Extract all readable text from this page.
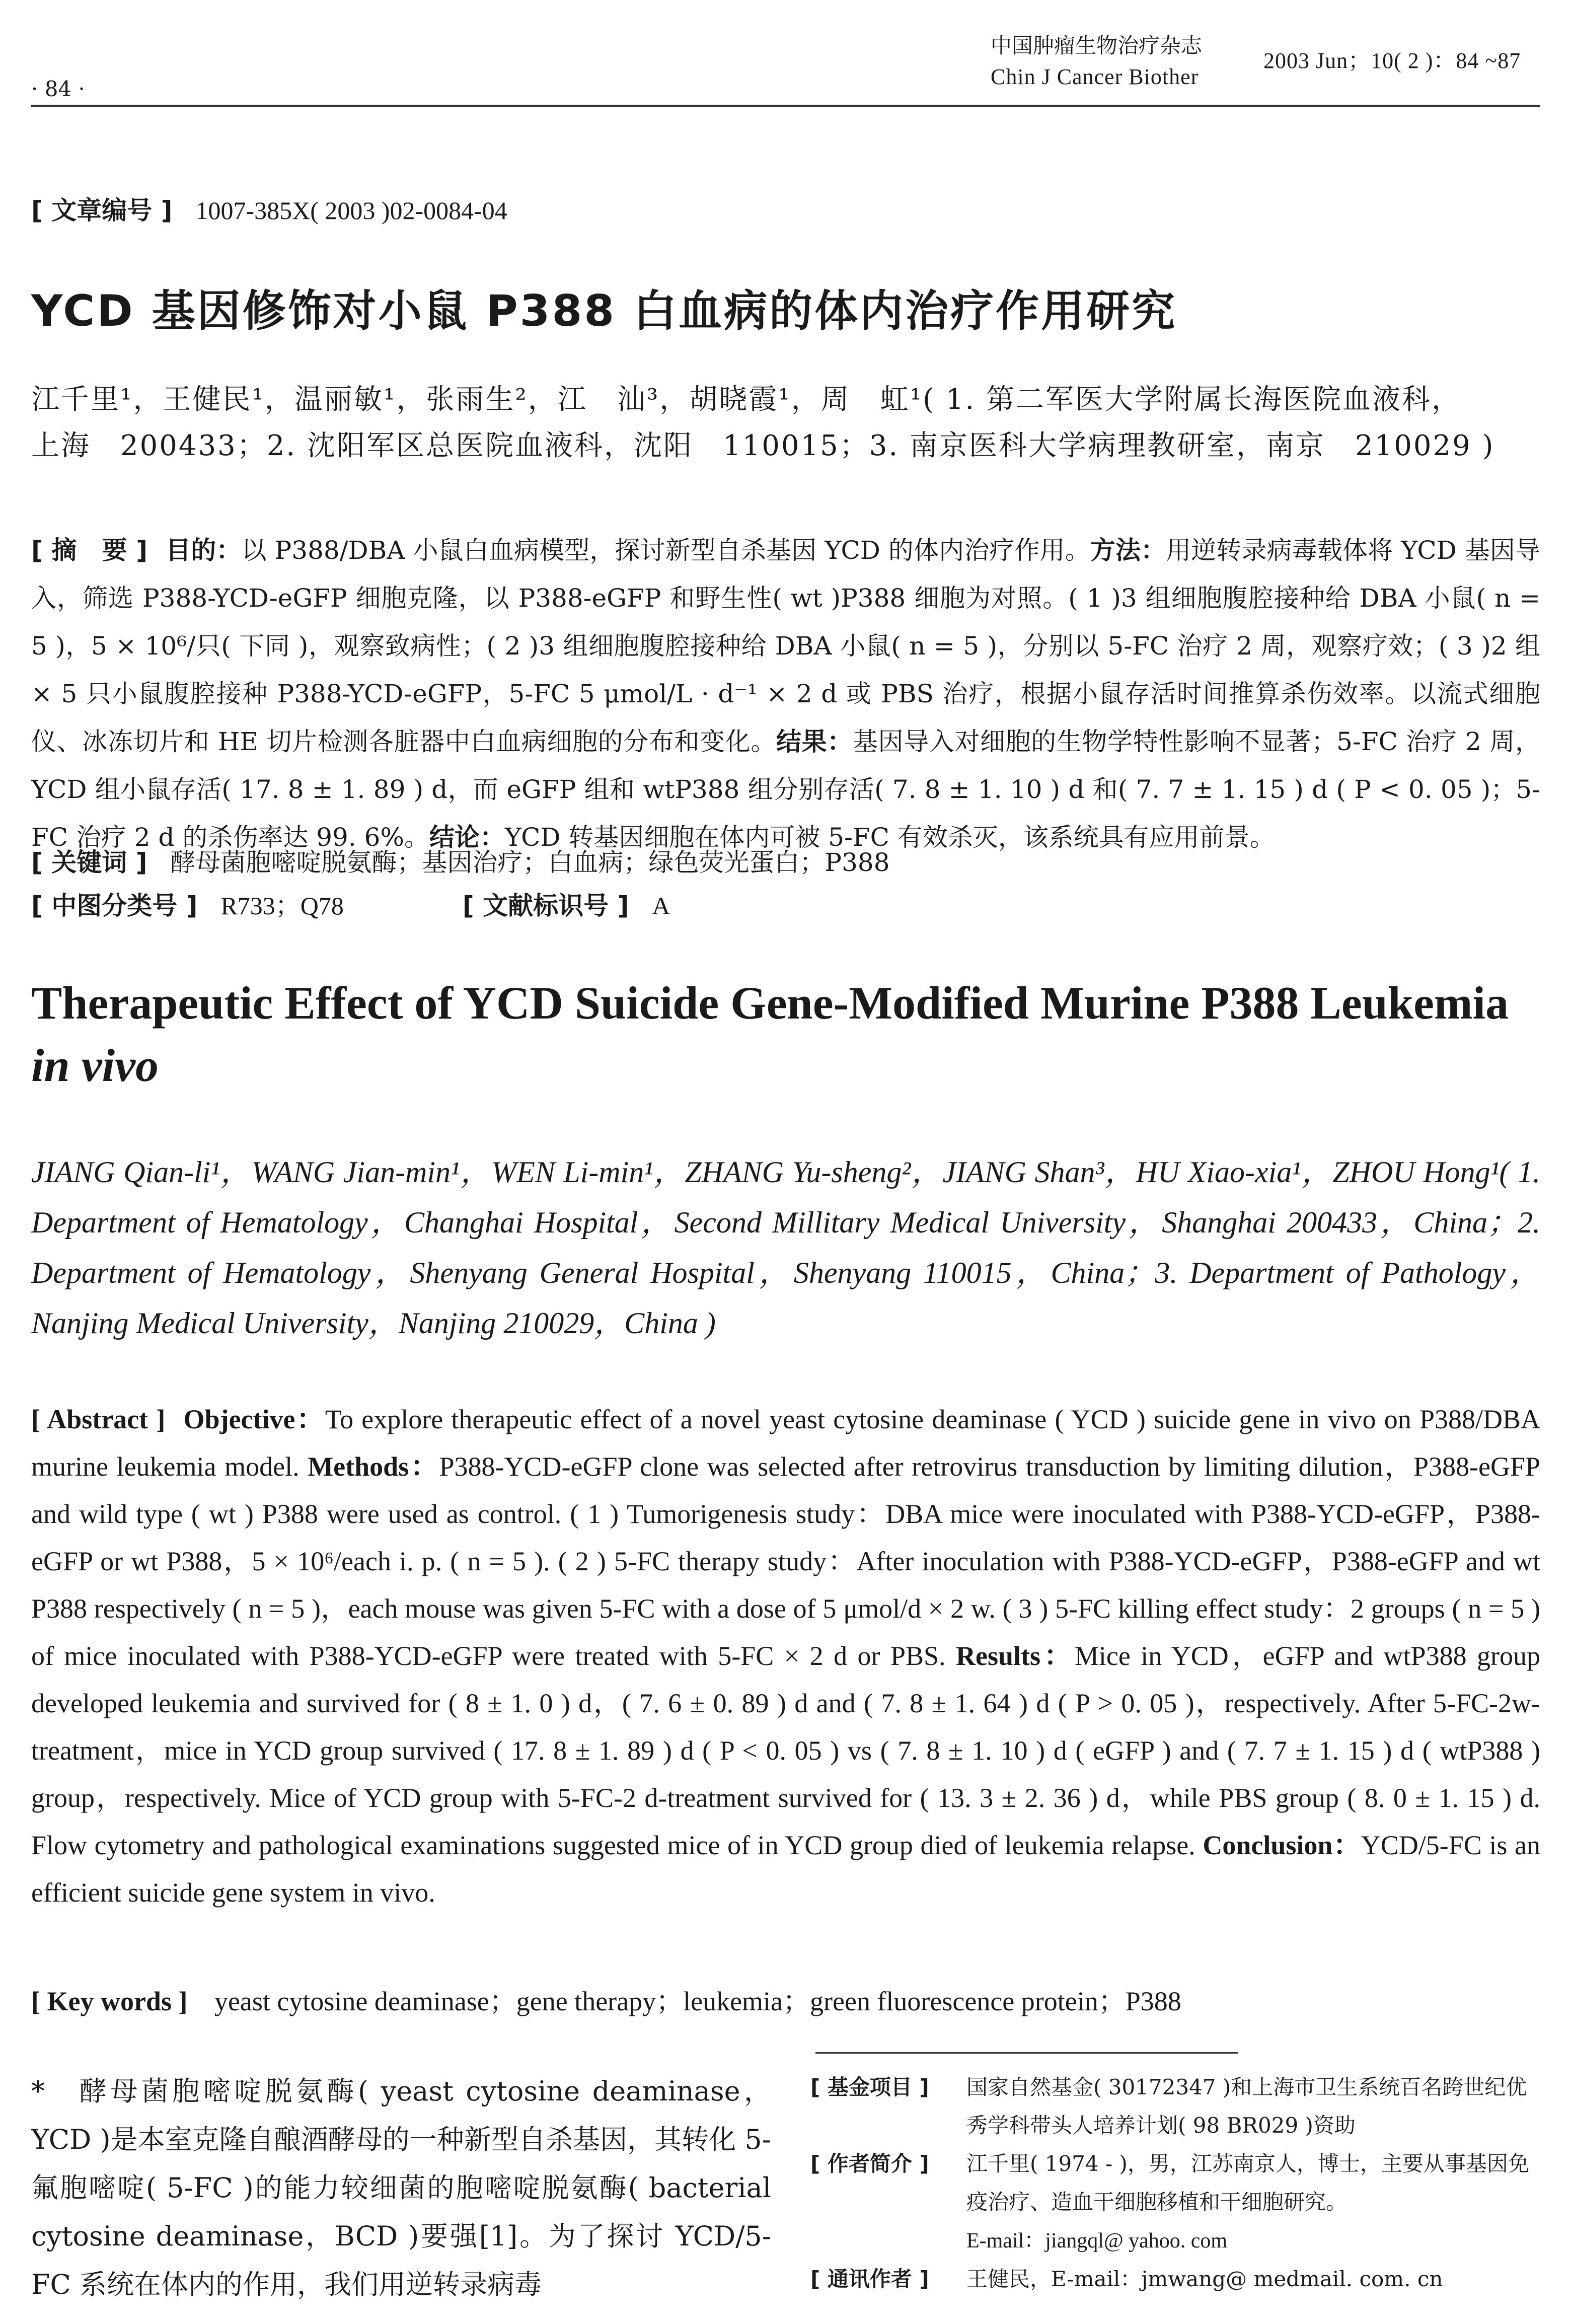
· 84 ·
中国肿瘤生物治疗杂志
Chin J Cancer Biother
2003 Jun；10( 2 )：84 ~87
[ 文章编号 ] 1007-385X( 2003 )02-0084-04
YCD 基因修饰对小鼠 P388 白血病的体内治疗作用研究
江千里¹，王健民¹，温丽敏¹，张雨生²，江　汕³，胡晓霞¹，周　虹¹( 1. 第二军医大学附属长海医院血液科，
上海　200433；2. 沈阳军区总医院血液科，沈阳　110015；3. 南京医科大学病理教研室，南京　210029 )
[ 摘　要 ] 目的：以 P388/DBA 小鼠白血病模型，探讨新型自杀基因 YCD 的体内治疗作用。方法：用逆转录病毒载体将 YCD 基因导入，筛选 P388-YCD-eGFP 细胞克隆，以 P388-eGFP 和野生性( wt )P388 细胞为对照。( 1 )3 组细胞腹腔接种给 DBA 小鼠( n = 5 )，5 × 10⁶/只( 下同 )，观察致病性；( 2 )3 组细胞腹腔接种给 DBA 小鼠( n = 5 )，分别以 5-FC 治疗 2 周，观察疗效；( 3 )2 组 × 5 只小鼠腹腔接种 P388-YCD-eGFP，5-FC 5 μmol/L · d⁻¹ × 2 d 或 PBS 治疗，根据小鼠存活时间推算杀伤效率。以流式细胞仪、冰冻切片和 HE 切片检测各脏器中白血病细胞的分布和变化。结果：基因导入对细胞的生物学特性影响不显著；5-FC 治疗 2 周，YCD 组小鼠存活( 17. 8 ± 1. 89 ) d，而 eGFP 组和 wtP388 组分别存活( 7. 8 ± 1. 10 ) d 和( 7. 7 ± 1. 15 ) d ( P < 0. 05 )；5-FC 治疗 2 d 的杀伤率达 99. 6%。结论：YCD 转基因细胞在体内可被 5-FC 有效杀灭，该系统具有应用前景。
[ 关键词 ] 酵母菌胞嘧啶脱氨酶；基因治疗；白血病；绿色荧光蛋白；P388
[ 中图分类号 ] R733；Q78	[ 文献标识号 ] A
Therapeutic Effect of YCD Suicide Gene-Modified Murine P388 Leukemia in vivo
JIANG Qian-li¹，WANG Jian-min¹，WEN Li-min¹，ZHANG Yu-sheng²，JIANG Shan³，HU Xiao-xia¹，ZHOU Hong¹( 1. Department of Hematology，Changhai Hospital，Second Millitary Medical University，Shanghai 200433，China；2. Department of Hematology，Shenyang General Hospital，Shenyang 110015，China；3. Department of Pathology，Nanjing Medical University，Nanjing 210029，China )
[ Abstract ] Objective：To explore therapeutic effect of a novel yeast cytosine deaminase ( YCD ) suicide gene in vivo on P388/DBA murine leukemia model. Methods：P388-YCD-eGFP clone was selected after retrovirus transduction by limiting dilution，P388-eGFP and wild type ( wt ) P388 were used as control. ( 1 ) Tumorigenesis study：DBA mice were inoculated with P388-YCD-eGFP，P388-eGFP or wt P388，5 × 10⁶/each i. p. ( n = 5 ). ( 2 ) 5-FC therapy study：After inoculation with P388-YCD-eGFP，P388-eGFP and wt P388 respectively ( n = 5 )，each mouse was given 5-FC with a dose of 5 μmol/d × 2 w. ( 3 ) 5-FC killing effect study：2 groups ( n = 5 ) of mice inoculated with P388-YCD-eGFP were treated with 5-FC × 2 d or PBS. Results：Mice in YCD，eGFP and wtP388 group developed leukemia and survived for ( 8 ± 1. 0 ) d，( 7. 6 ± 0. 89 ) d and ( 7. 8 ± 1. 64 ) d ( P > 0. 05 )，respectively. After 5-FC-2w-treatment，mice in YCD group survived ( 17. 8 ± 1. 89 ) d ( P < 0. 05 ) vs ( 7. 8 ± 1. 10 ) d ( eGFP ) and ( 7. 7 ± 1. 15 ) d ( wtP388 ) group，respectively. Mice of YCD group with 5-FC-2 d-treatment survived for ( 13. 3 ± 2. 36 ) d，while PBS group ( 8. 0 ± 1. 15 ) d. Flow cytometry and pathological examinations suggested mice of in YCD group died of leukemia relapse. Conclusion：YCD/5-FC is an efficient suicide gene system in vivo.
[ Key words ] yeast cytosine deaminase；gene therapy；leukemia；green fluorescence protein；P388
*　酵母菌胞嘧啶脱氨酶( yeast cytosine deaminase，YCD )是本室克隆自酿酒酵母的一种新型自杀基因，其转化 5-氟胞嘧啶( 5-FC )的能力较细菌的胞嘧啶脱氨酶( bacterial cytosine deaminase，BCD )要强[1]。为了探讨 YCD/5-FC 系统在体内的作用，我们用逆转录病毒
[ 基金项目 ]	国家自然基金( 30172347 )和上海市卫生系统百名跨世纪优秀学科带头人培养计划( 98 BR029 )资助
[ 作者简介 ]	江千里( 1974 - )，男，江苏南京人，博士，主要从事基因免疫治疗、造血干细胞移植和干细胞研究。
E-mail：jiangql@ yahoo. com
[ 通讯作者 ]	王健民，E-mail：jmwang@ medmail. com. cn
